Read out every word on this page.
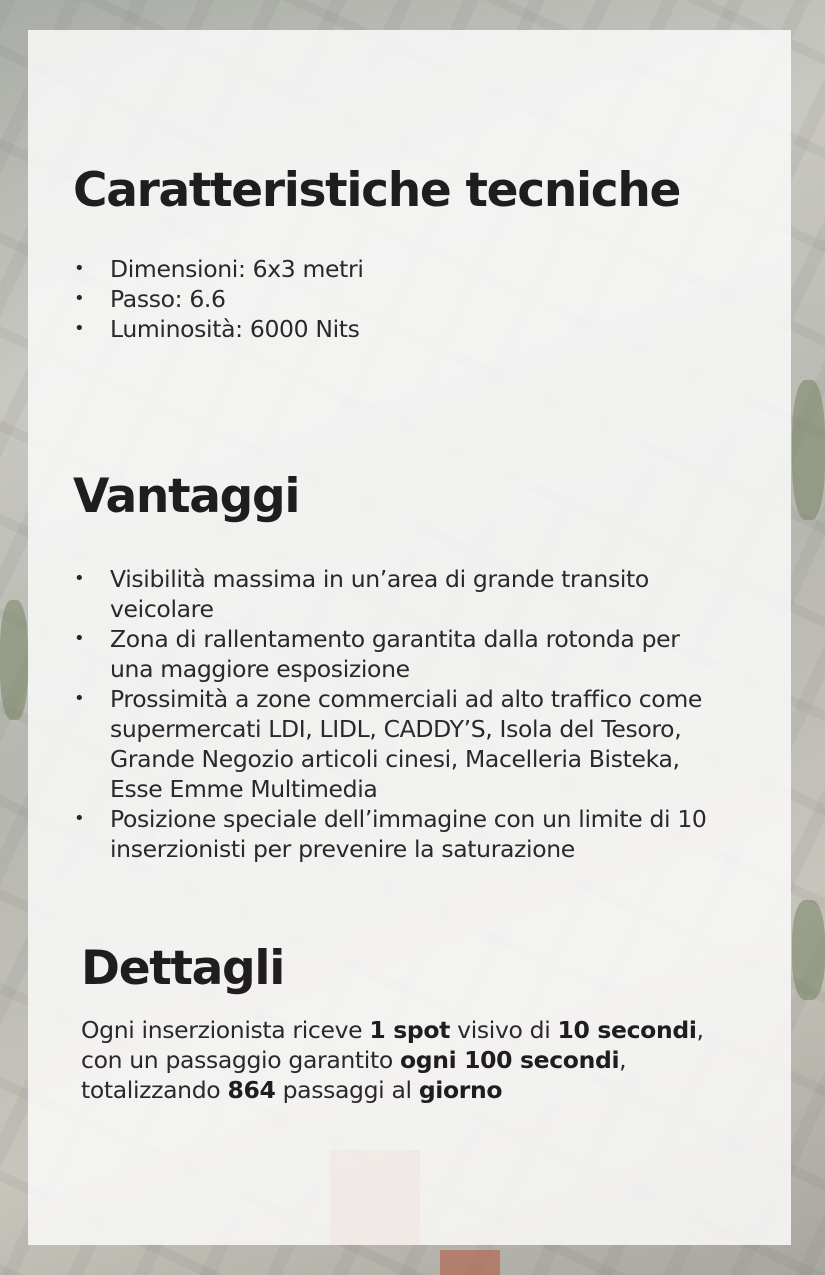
Caratteristiche tecniche
• Dimensioni: 6x3 metri
• Passo: 6.6
• Luminosità: 6000 Nits
Vantaggi
• Visibilità massima in un’area di grande transito veicolare
• Zona di rallentamento garantita dalla rotonda per una maggiore esposizione
• Prossimità a zone commerciali ad alto traffico come supermercati LDI, LIDL, CADDY’S, Isola del Tesoro, Grande Negozio articoli cinesi, Macelleria Bisteka, Esse Emme Multimedia
• Posizione speciale dell’immagine con un limite di 10 inserzionisti per prevenire la saturazione
Dettagli

Ogni inserzionista riceve 1 spot visivo di 10 secondi, con un passaggio garantito ogni 100 secondi, totalizzando 864 passaggi al giorno
